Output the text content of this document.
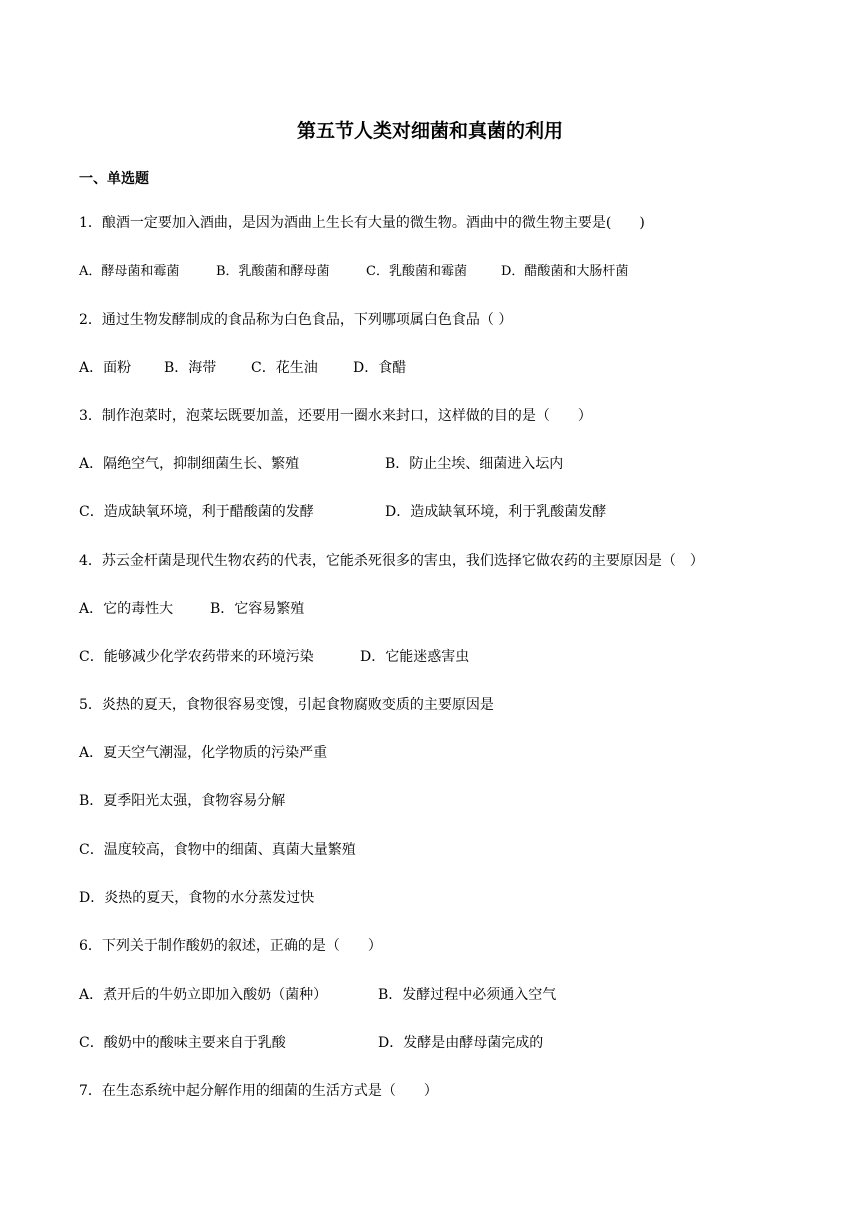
第五节人类对细菌和真菌的利用
一、单选题
1．酿酒一定要加入酒曲，是因为酒曲上生长有大量的微生物。酒曲中的微生物主要是(　　)
A．酵母菌和霉菌	B．乳酸菌和酵母菌	C．乳酸菌和霉菌	D．醋酸菌和大肠杆菌
2．通过生物发酵制成的食品称为白色食品，下列哪项属白色食品（ ）
A．面粉 B．海带 C．花生油	D．食醋
3．制作泡菜时，泡菜坛既要加盖，还要用一圈水来封口，这样做的目的是（　　）
A．隔绝空气，抑制细菌生长、繁殖	B．防止尘埃、细菌进入坛内
C．造成缺氧环境，利于醋酸菌的发酵	D．造成缺氧环境，利于乳酸菌发酵
4．苏云金杆菌是现代生物农药的代表，它能杀死很多的害虫，我们选择它做农药的主要原因是（　）
A．它的毒性大	B．它容易繁殖
C．能够减少化学农药带来的环境污染	D．它能迷惑害虫
5．炎热的夏天，食物很容易变馊，引起食物腐败变质的主要原因是
A．夏天空气潮湿，化学物质的污染严重
B．夏季阳光太强，食物容易分解
C．温度较高，食物中的细菌、真菌大量繁殖
D．炎热的夏天，食物的水分蒸发过快
6．下列关于制作酸奶的叙述，正确的是（　　）
A．煮开后的牛奶立即加入酸奶（菌种）	B．发酵过程中必须通入空气
C．酸奶中的酸味主要来自于乳酸	D．发酵是由酵母菌完成的
7．在生态系统中起分解作用的细菌的生活方式是（　　）
